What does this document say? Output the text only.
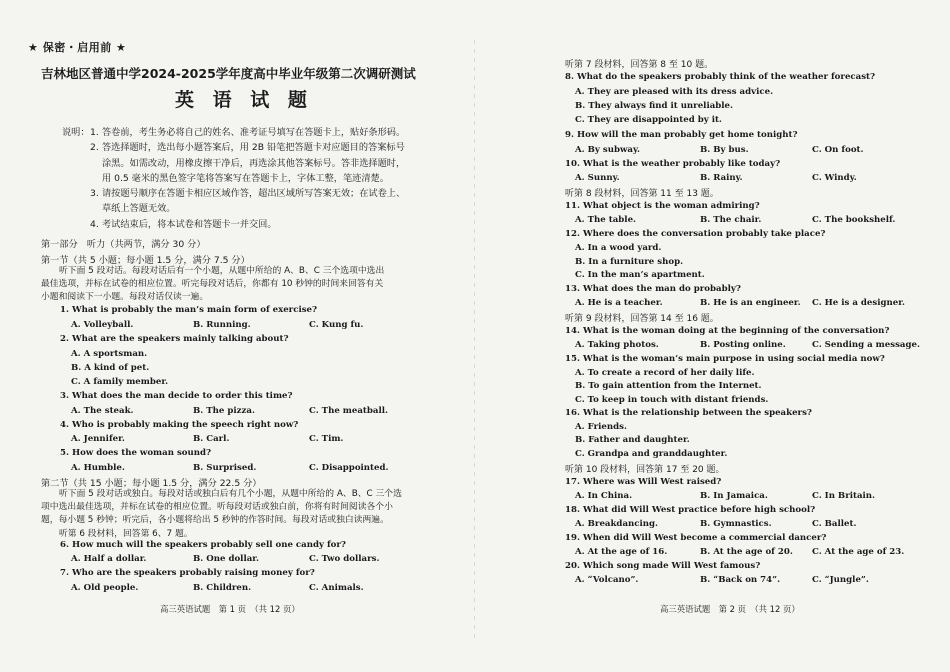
★ 保密・启用前 ★
吉林地区普通中学2024-2025学年度高中毕业年级第二次调研测试
英 语 试 题
说明： 1. 答卷前，考生务必将自己的姓名、准考证号填写在答题卡上，贴好条形码。
2. 答选择题时，选出每小题答案后，用 2B 铅笔把答题卡对应题目的答案标号
涂黑。如需改动，用橡皮擦干净后，再选涂其他答案标号。答非选择题时，
用 0.5 毫米的黑色签字笔将答案写在答题卡上，字体工整，笔迹清楚。
3. 请按题号顺序在答题卡相应区域作答，超出区域所写答案无效；在试卷上、
草纸上答题无效。
4. 考试结束后，将本试卷和答题卡一并交回。
第一部分　听力（共两节，满分 30 分）
第一节（共 5 小题；每小题 1.5 分，满分 7.5 分）
听下面 5 段对话。每段对话后有一个小题，从题中所给的 A、B、C 三个选项中选出
最佳选项，并标在试卷的相应位置。听完每段对话后，你都有 10 秒钟的时间来回答有关
小题和阅读下一小题。每段对话仅读一遍。
1. What is probably the man’s main form of exercise?
A. Volleyball.	B. Running.	C. Kung fu.
2. What are the speakers mainly talking about?
A. A sportsman.
B. A kind of pet.
C. A family member.
3. What does the man decide to order this time?
A. The steak.	B. The pizza.	C. The meatball.
4. Who is probably making the speech right now?
A. Jennifer.	B. Carl.	C. Tim.
5. How does the woman sound?
A. Humble.	B. Surprised.	C. Disappointed.
第二节（共 15 小题；每小题 1.5 分，满分 22.5 分）
听下面 5 段对话或独白。每段对话或独白后有几个小题，从题中所给的 A、B、C 三个选
项中选出最佳选项，并标在试卷的相应位置。听每段对话或独白前，你将有时间阅读各个小
题，每小题 5 秒钟；听完后，各小题将给出 5 秒钟的作答时间。每段对话或独白读两遍。
听第 6 段材料，回答第 6、7 题。
6. How much will the speakers probably sell one candy for?
A. Half a dollar.	B. One dollar.	C. Two dollars.
7. Who are the speakers probably raising money for?
A. Old people.	B. Children.	C. Animals.
高三英语试题　第 1 页　（共 12 页）
听第 7 段材料，回答第 8 至 10 题。
8. What do the speakers probably think of the weather forecast?
A. They are pleased with its dress advice.
B. They always find it unreliable.
C. They are disappointed by it.
9. How will the man probably get home tonight?
A. By subway.	B. By bus.	C. On foot.
10. What is the weather probably like today?
A. Sunny.	B. Rainy.	C. Windy.
听第 8 段材料，回答第 11 至 13 题。
11. What object is the woman admiring?
A. The table.	B. The chair.	C. The bookshelf.
12. Where does the conversation probably take place?
A. In a wood yard.
B. In a furniture shop.
C. In the man’s apartment.
13. What does the man do probably?
A. He is a teacher.	B. He is an engineer. C. He is a designer.
听第 9 段材料，回答第 14 至 16 题。
14. What is the woman doing at the beginning of the conversation?
A. Taking photos.	B. Posting online.	C. Sending a message.
15. What is the woman’s main purpose in using social media now?
A. To create a record of her daily life.
B. To gain attention from the Internet.
C. To keep in touch with distant friends.
16. What is the relationship between the speakers?
A. Friends.
B. Father and daughter.
C. Grandpa and granddaughter.
听第 10 段材料，回答第 17 至 20 题。
17. Where was Will West raised?
A. In China.	B. In Jamaica.	C. In Britain.
18. What did Will West practice before high school?
A. Breakdancing.	B. Gymnastics.	C. Ballet.
19. When did Will West become a commercial dancer?
A. At the age of 16.	B. At the age of 20. C. At the age of 23.
20. Which song made Will West famous?
A. “Volcano”.	B. “Back on 74”.	C. “Jungle”.
高三英语试题　第 2 页　（共 12 页）
